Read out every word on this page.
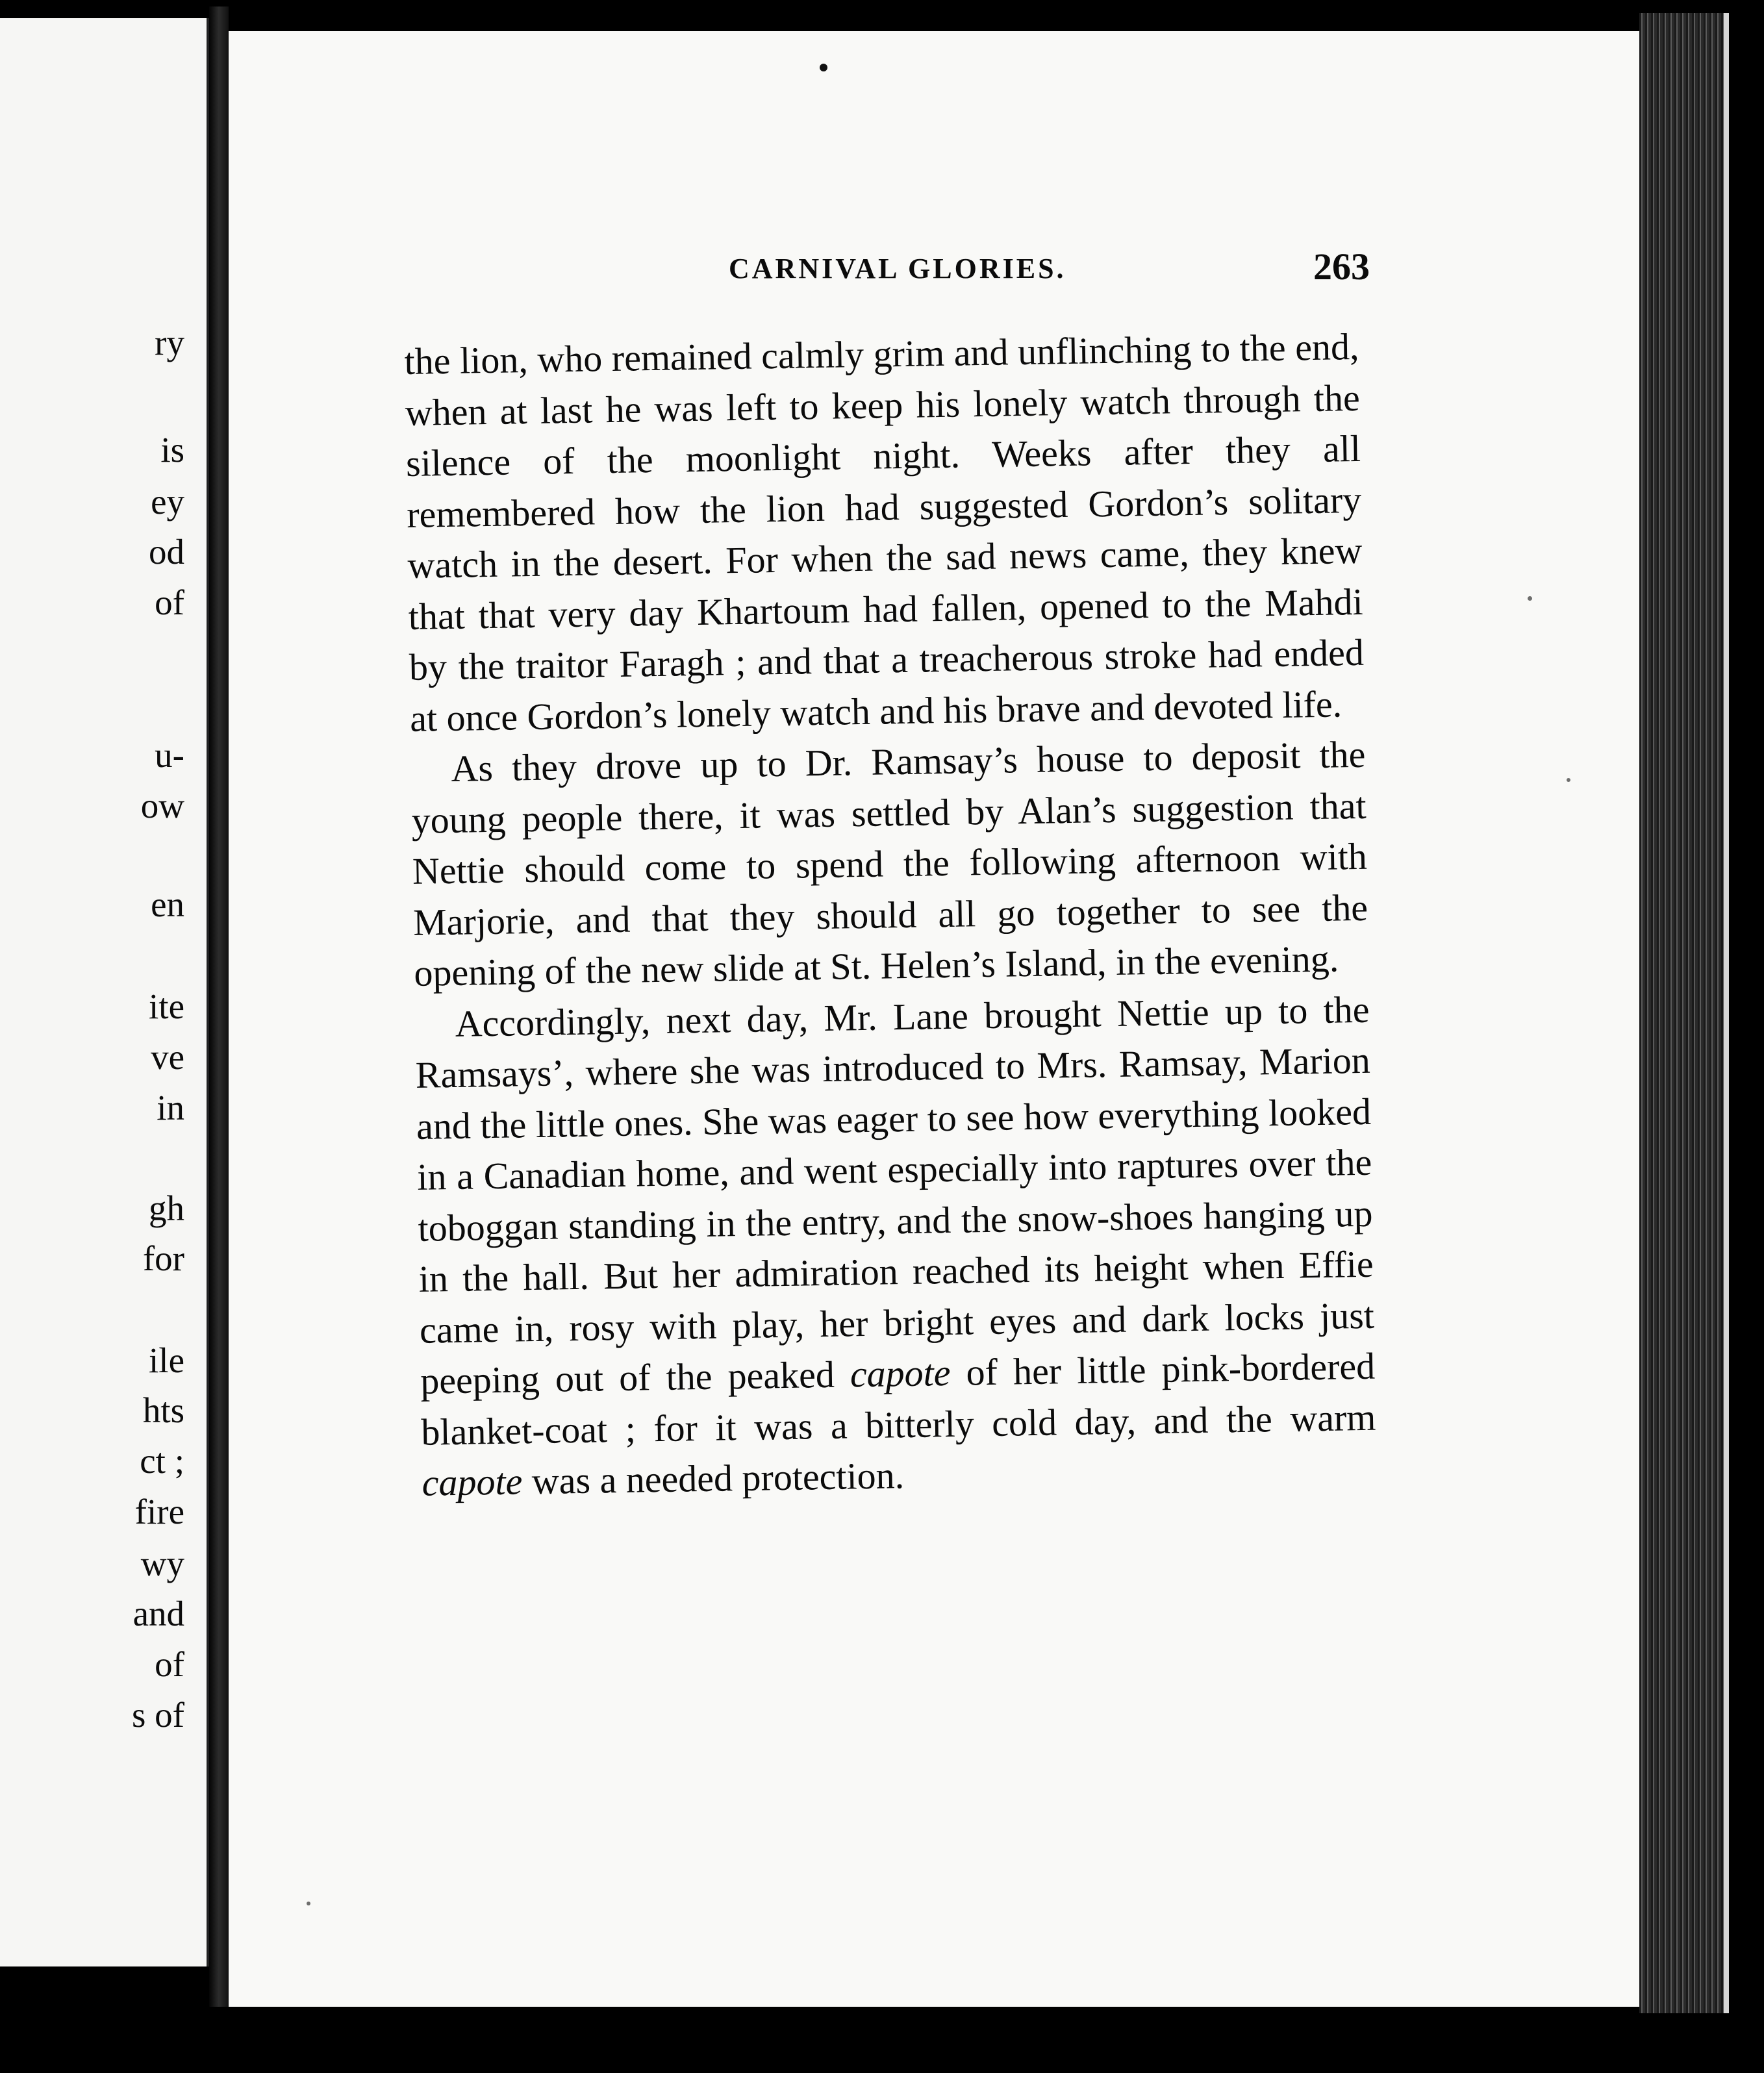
ry
is
ey
od
of
u-
ow
en
ite
ve
in
gh
for
ile
hts
ct ;
fire
wy
and
of
s of
CARNIVAL GLORIES.	263

the lion, who remained calmly grim and unflinching to the end, when at last he was left to keep his lonely watch through the silence of the moonlight night. Weeks after they all remembered how the lion had suggested Gordon’s solitary watch in the desert. For when the sad news came, they knew that that very day Khartoum had fallen, opened to the Mahdi by the traitor Faragh ; and that a treacherous stroke had ended at once Gordon’s lonely watch and his brave and devoted life.

As they drove up to Dr. Ramsay’s house to deposit the young people there, it was settled by Alan’s suggestion that Nettie should come to spend the following afternoon with Marjorie, and that they should all go together to see the opening of the new slide at St. Helen’s Island, in the evening.

Accordingly, next day, Mr. Lane brought Nettie up to the Ramsays’, where she was introduced to Mrs. Ramsay, Marion and the little ones. She was eager to see how everything looked in a Canadian home, and went especially into raptures over the toboggan standing in the entry, and the snow-shoes hanging up in the hall. But her admiration reached its height when Effie came in, rosy with play, her bright eyes and dark locks just peeping out of the peaked capote of her little pink-bordered blanket-coat ; for it was a bitterly cold day, and the warm capote was a needed protection.
